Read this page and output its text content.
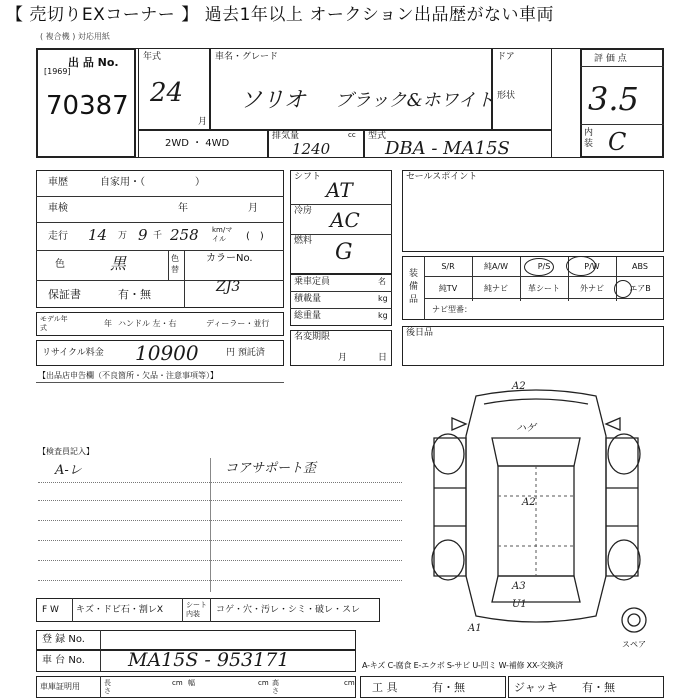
【 売切りEXコーナー 】 過去1年以上 オークション出品歴がない車両
( 複合機 ) 対応用紙
出 品 No.
[1969]
70387
年式
24
月
車名・グレード
ソリオ ブラック&ホワイト
ドア
形状
評 価 点
3.5
内装 C
2WD ・ 4WD
排気量	cc
1240
型式
DBA - MA15S
車歴	自家用・（　　　　　）
車検	年	月
走行 14 万 9 千 258 km/マイル	(　)
色	黒	色替
カラーNo.
ZJ3
保証書	有・無
モデル年式	年 ハンドル 左・右	ディーラー・並行
リサイクル料金 10900	円 預託済
シフト
AT
冷房 AC
燃料 G
乗車定員	名
積載量	kg
総重量	kg
名変期限
月	日
セールスポイント
装備品
S/R	純A/W	P/S	P/W	ABS
純TV	純ナビ	革シート	外ナビ	エアB
ナビ型番：
後日品
【出品店申告欄（不良箇所・欠品・注意事項等）】
【検査員記入】
A-レ	コアサポート歪
A2
ハゲ
A2
A3
U1
A1
スペア
F W キズ・ドビ石・割レX	シート内装	コゲ・穴・汚レ・シミ・破レ・スレ
登 録 No.
車 台 No. MA15S - 953171	A-キズ C-腐食 E-エクボ S-サビ U-凹ミ W-補修 XX-交換済
車庫証明用	長さ
cm 幅	cm 高さ
cm 工 具	有・無	ジャッキ 有・無
